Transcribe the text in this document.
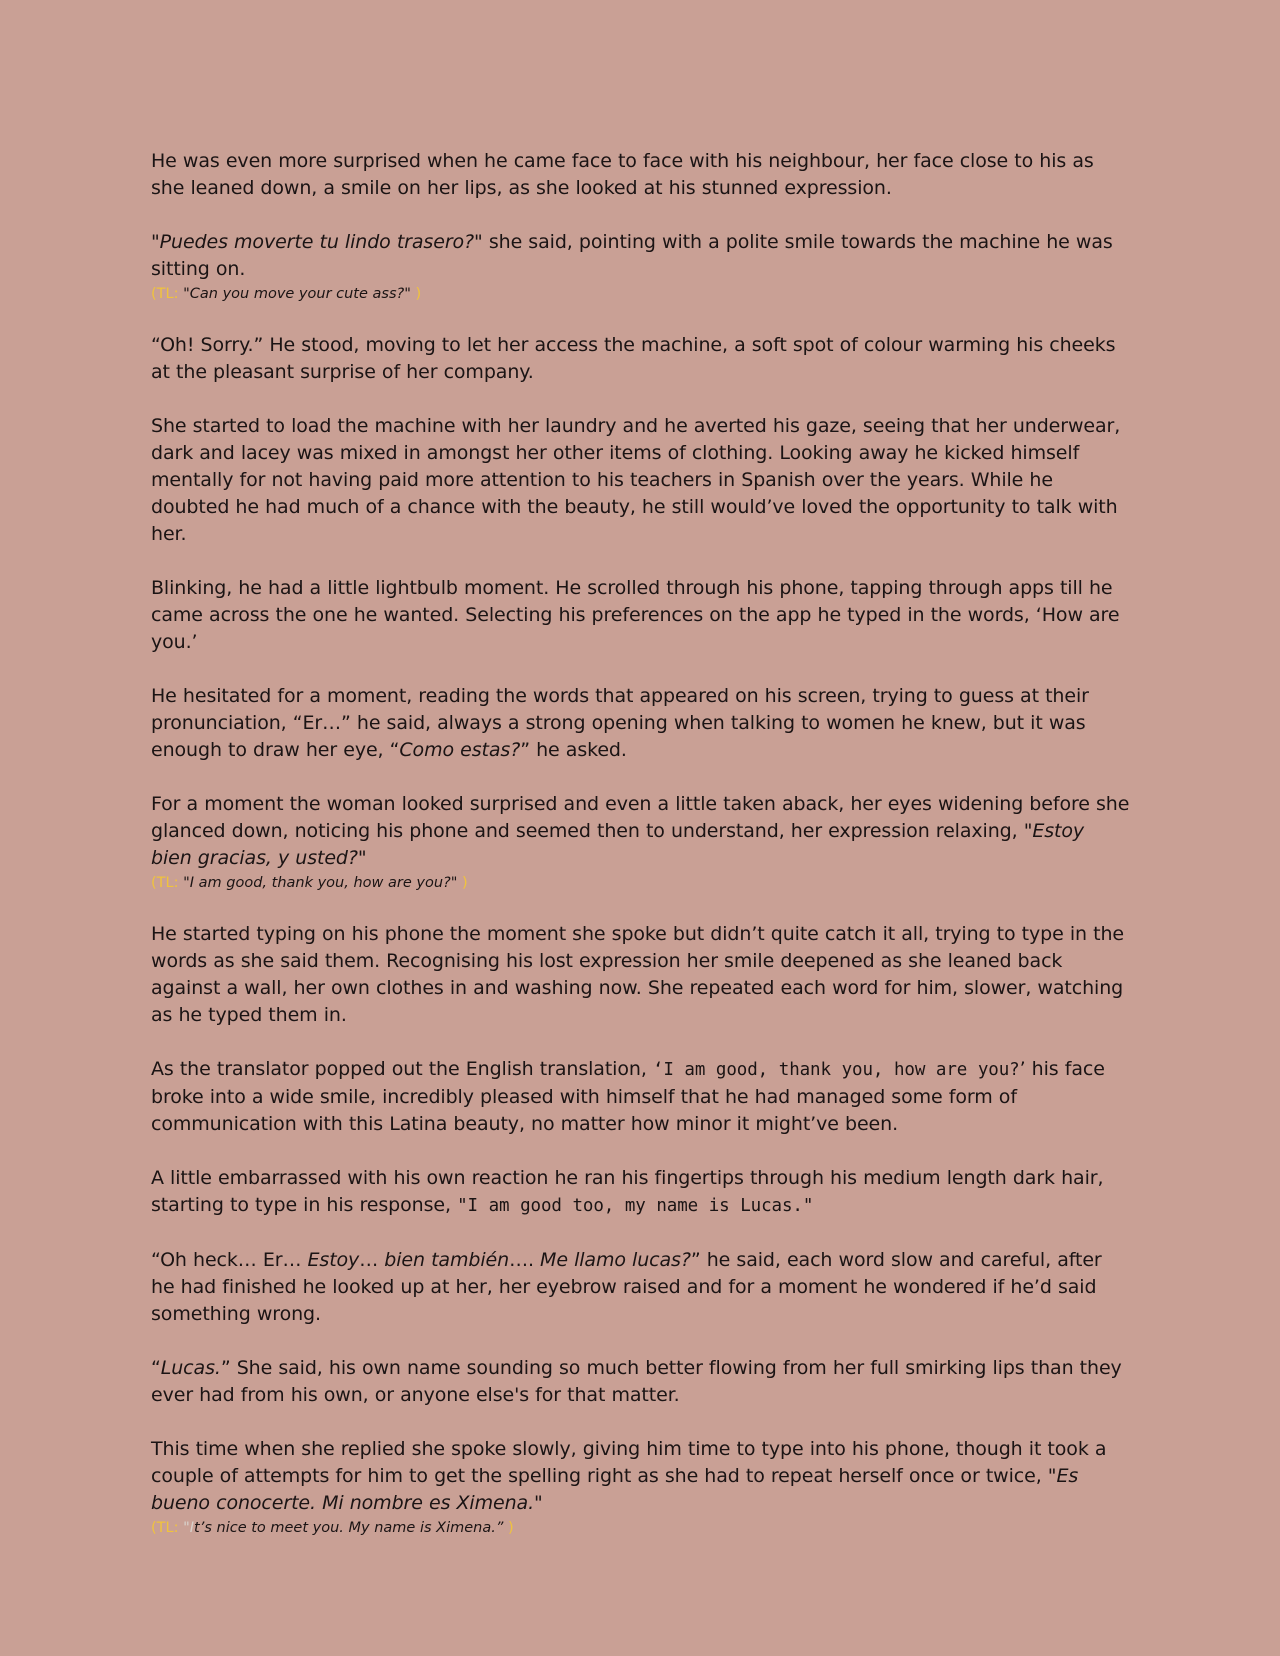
He was even more surprised when he came face to face with his neighbour, her face close to his as she leaned down, a smile on her lips, as she looked at his stunned expression.

"Puedes moverte tu lindo trasero?" she said, pointing with a polite smile towards the machine he was sitting on.

(TL: "Can you move your cute ass?" )

“Oh! Sorry.” He stood, moving to let her access the machine, a soft spot of colour warming his cheeks at the pleasant surprise of her company.

She started to load the machine with her laundry and he averted his gaze, seeing that her underwear, dark and lacey was mixed in amongst her other items of clothing. Looking away he kicked himself mentally for not having paid more attention to his teachers in Spanish over the years. While he doubted he had much of a chance with the beauty, he still would’ve loved the opportunity to talk with her.

Blinking, he had a little lightbulb moment. He scrolled through his phone, tapping through apps till he came across the one he wanted. Selecting his preferences on the app he typed in the words, ‘How are you.’

He hesitated for a moment, reading the words that appeared on his screen, trying to guess at their pronunciation, “Er…” he said, always a strong opening when talking to women he knew, but it was enough to draw her eye, “Como estas?” he asked.

For a moment the woman looked surprised and even a little taken aback, her eyes widening before she glanced down, noticing his phone and seemed then to understand, her expression relaxing, "Estoy bien gracias, y usted?"

(TL: "I am good, thank you, how are you?" )

He started typing on his phone the moment she spoke but didn’t quite catch it all, trying to type in the words as she said them. Recognising his lost expression her smile deepened as she leaned back against a wall, her own clothes in and washing now. She repeated each word for him, slower, watching as he typed them in.

As the translator popped out the English translation, ‘I am good, thank you, how are you?’ his face broke into a wide smile, incredibly pleased with himself that he had managed some form of communication with this Latina beauty, no matter how minor it might’ve been.

A little embarrassed with his own reaction he ran his fingertips through his medium length dark hair, starting to type in his response, "I am good too, my name is Lucas."

“Oh heck… Er… Estoy… bien también…. Me llamo lucas?” he said, each word slow and careful, after he had finished he looked up at her, her eyebrow raised and for a moment he wondered if he’d said something wrong.

“Lucas.” She said, his own name sounding so much better flowing from her full smirking lips than they ever had from his own, or anyone else's for that matter.

This time when she replied she spoke slowly, giving him time to type into his phone, though it took a couple of attempts for him to get the spelling right as she had to repeat herself once or twice, "Es bueno conocerte. Mi nombre es Ximena."

(TL: "It’s nice to meet you. My name is Ximena.” )
